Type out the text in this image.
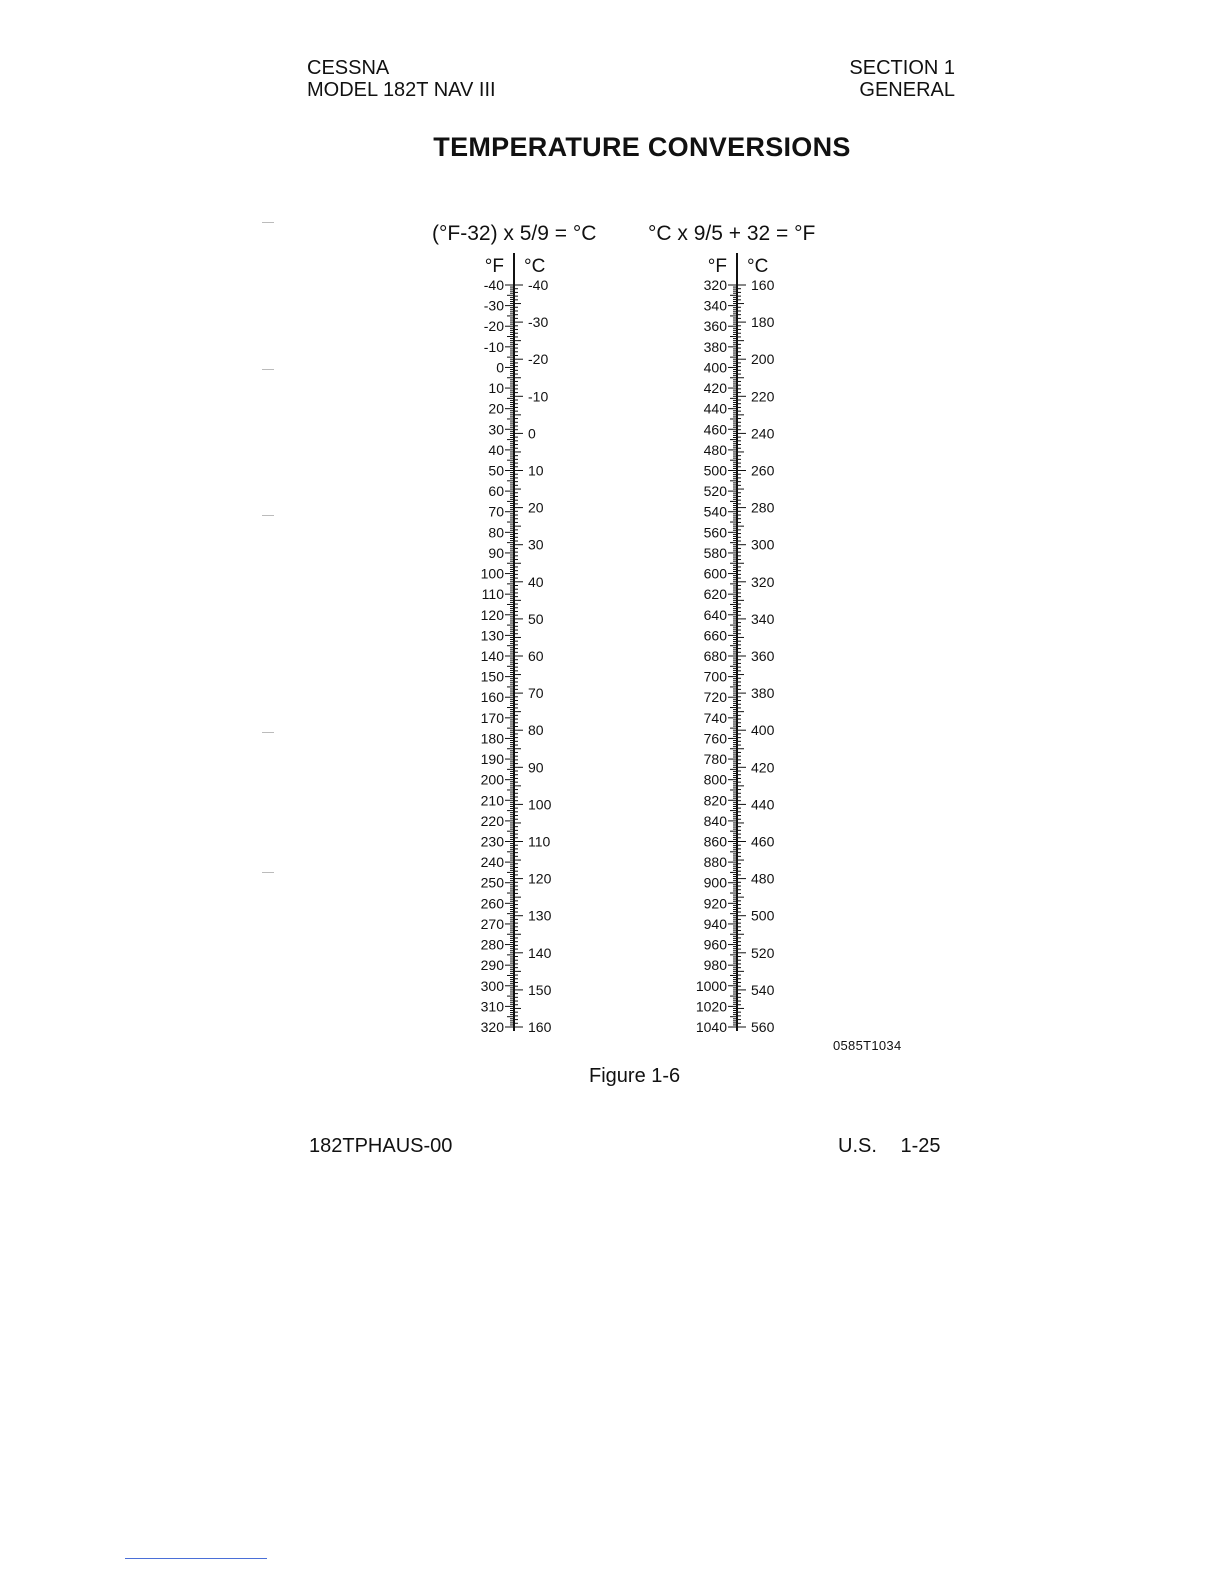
CESSNA
MODEL 182T NAV III
SECTION 1
GENERAL
TEMPERATURE CONVERSIONS
(°F-32) x 5/9 = °C °C x 9/5 + 32 = °F
°F °C
-40
-30
-20
-10
0
10
20
30
40
50
60
70
80
90
100
110
120
130
140
150
160
170
180
190
200
210
220
230
240
250
260
270
280
290
300
310
320
-40
-30
-20
-10
0
10
20
30
40
50
60
70
80
90
100
110
120
130
140
150
160
°F °C
320
340
360
380
400
420
440
460
480
500
520
540
560
580
600
620
640
660
680
700
720
740
760
780
800
820
840
860
880
900
920
940
960
980
1000
1020
1040
160
180
200
220
240
260
280
300
320
340
360
380
400
420
440
460
480
500
520
540
560
0585T1034
Figure 1-6
182TPHAUS-00	U.S. 1-25
